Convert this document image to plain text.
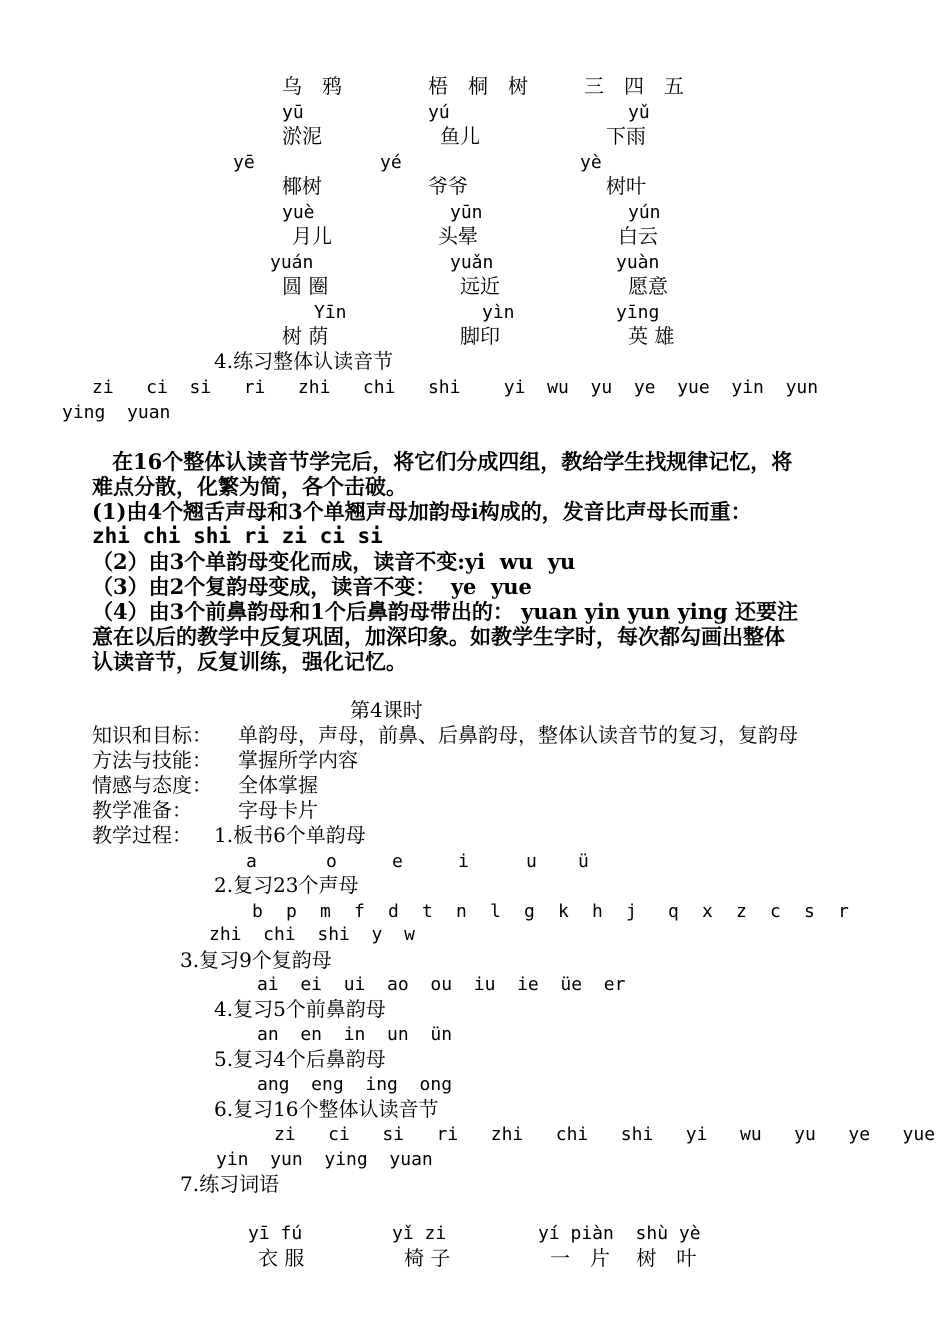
乌　鸦	梧　桐　树	三　四　五
yū	yú	yǔ
淤泥	鱼儿	下雨
yē	yé	yè
椰树	爷爷	树叶
yuè	yūn	yún
月儿	头晕	白云
yuán	yuǎn	yuàn
圆 圈	远近	愿意
Yīn	yìn	yīng
树 荫	脚印	英 雄
4.练习整体认读音节
zi   ci  si   ri   zhi   chi   shi    yi  wu  yu  ye  yue  yin  yun
ying  yuan
在16个整体认读音节学完后，将它们分成四组，教给学生找规律记忆，将
难点分散，化繁为简，各个击破。
(1)由4个翘舌声母和3个单翘声母加韵母i构成的，发音比声母长而重：
zhi chi shi ri zi ci si
（2）由3个单韵母变化而成，读音不变:yi  wu  yu
（3）由2个复韵母变成，读音不变：  ye  yue
（4）由3个前鼻韵母和1个后鼻韵母带出的： yuan yin yun ying 还要注
意在以后的教学中反复巩固，加深印象。如教学生字时，每次都勾画出整体
认读音节，反复训练，强化记忆。
第4课时
知识和目标： 单韵母，声母，前鼻、后鼻韵母，整体认读音节的复习，复韵母
方法与技能： 掌握所学内容
情感与态度： 全体掌握
教学准备： 字母卡片
教学过程： 1.板书6个单韵母
a	o	e	i	u	ü
2.复习23个声母
b	p	m	f	d	t	n	l	g	k	h	j	q	x	z	c	s	r
zhi  chi  shi  y  w
3.复习9个复韵母
ai  ei  ui  ao  ou  iu  ie  üe  er
4.复习5个前鼻韵母
an  en  in  un  ün
5.复习4个后鼻韵母
ang  eng  ing  ong
6.复习16个整体认读音节
zi   ci   si   ri   zhi   chi   shi   yi   wu   yu   ye   yue
yin  yun  ying  yuan
7.练习词语
yī fú	yǐ zi	yí piàn  shù yè
衣 服	椅 子	一　片　 树　叶
